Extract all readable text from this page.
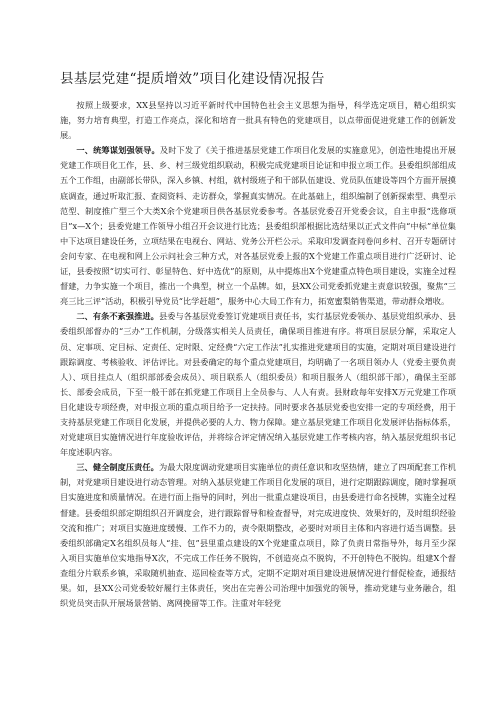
县基层党建“提质增效”项目化建设情况报告

按照上级要求，XX县坚持以习近平新时代中国特色社会主义思想为指导，科学选定项目，精心组织实施，努力培育典型，打造工作亮点，深化和培育一批具有特色的党建项目，以点带面促进党建工作的创新发展。

一、统筹谋划强领导。及时下发了《关于推进基层党建工作项目化发展的实施意见》，创造性地提出开展党建工作项目化工作，县、乡、村三级党组织联动，积极完成党建项目论证和申报立项工作。县委组织部组成五个工作组，由副部长带队，深入乡镇、村组，就村级班子和干部队伍建设、党员队伍建设等四个方面开展摸底调查，通过听取汇报、查阅资料、走访群众，掌握真实情况。在此基础上，组织编制了创新探索型、典型示范型、制度推广型三个大类X余个党建项目供各基层党委参考。各基层党委召开党委会议，自主申报“选修项目”x—X个；县委党建工作领导小组召开会议进行比选；县委组织部根据比选结果以正式文件向“中标”单位集中下达项目建设任务，立项结果在电视台、网站、党务公开栏公示。采取印发调查问卷问乡村、召开专题研讨会问专家、在电视和网上公示问社会三种方式，对各基层党委上报的X个党建工作重点项目进行广泛研讨、论证，县委按照“切实可行、彰显特色、好中选优”的原则，从中提炼出X个党建重点特色项目建设，实施全过程督建，力争实施一个项目，推出一个典型，树立一个品牌。如，县XX公司党委抓党建主责意识较强，聚焦“三亮三比三评”活动，积极引导党员“比学赶超”，服务中心大局工作有力，拓宽蜜梨销售渠道，带动群众增收。

二、有条不紊强推进。县委与各基层党委签订党建项目责任书，实行基层党委领办、基层党组织承办、县委组织部督办的“三办”工作机制，分级落实相关人员责任，确保项目推进有序。将项目层层分解，采取定人员、定事项、定目标、定责任、定时限、定经费“六定工作法”扎实推进党建项目的实施，定期对项目建设进行跟踪调度、考核验收、评估评比。对县委确定的每个重点党建项目，均明确了一名项目领办人（党委主要负责人）、项目挂点人（组织部部委会成员）、项目联系人（组织委员）和项目服务人（组织部干部），确保主至部长、部委会成员，下至一般干部在抓党建工作项目上全员参与、人人有责。县财政每年安排X万元党建工作项目化建设专项经费，对申报立项的重点项目给予一定扶持。同时要求各基层党委也安排一定的专项经费，用于支持基层党建工作项目化发展，并提供必要的人力、物力保障。建立基层党建工作项目化发展评估指标体系，对党建项目实施情况进行年度验收评估，并将综合评定情况纳入基层党建工作考核内容，纳入基层党组织书记年度述职内容。

三、健全制度压责任。为最大限度调动党建项目实施单位的责任意识和攻坚热情，建立了四项配套工作机制，对党建项目建设进行动态管理。对纳入基层党建工作项目化发展的项目，进行定期跟踪调度，随时掌握项目实施进度和质量情况。在进行面上指导的同时，列出一批重点建设项目，由县委进行命名授牌，实施全过程督建。县委组织部定期组织召开调度会，进行跟踪督导和检查督导，对完成进度快、效果好的，及时组织经验交流和推广；对项目实施进度缓慢、工作不力的，责令限期整改，必要时对项目主体和内容进行适当调整。县委组织部确定X名组织员每人“挂、包”县里重点建设的X个党建重点项目，除了负责日常指导外，每月至少深入项目实施单位实地指导X次，不完成工作任务不脱钩，不创造亮点不脱钩，不开创特色不脱钩。组建X个督查组分片联系乡镇，采取随机抽查、巡回检查等方式，定期不定期对项目建设进展情况进行督促检查，通报结果。如，县XX公司党委较好履行主体责任，突出在完善公司治理中加强党的领导，推动党建与业务融合，组织党员突击队开展场景营销、离网挽留等工作。注重对年轻党
